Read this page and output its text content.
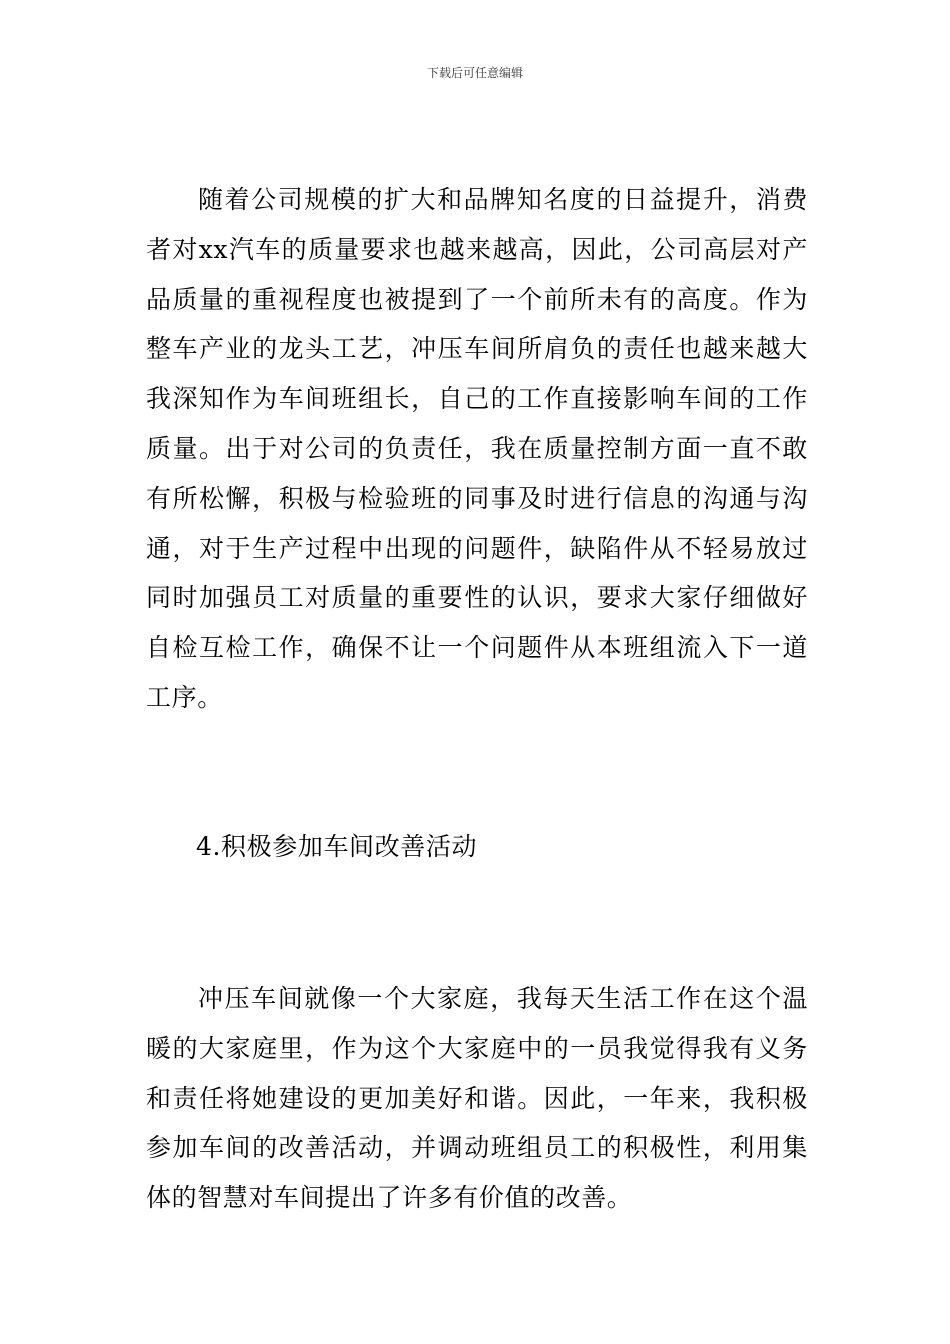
下载后可任意编辑

随着公司规模的扩大和品牌知名度的日益提升，消费者对xx汽车的质量要求也越来越高，因此，公司高层对产品质量的重视程度也被提到了一个前所未有的高度。作为整车产业的龙头工艺，冲压车间所肩负的责任也越来越大我深知作为车间班组长，自己的工作直接影响车间的工作质量。出于对公司的负责任，我在质量控制方面一直不敢有所松懈，积极与检验班的同事及时进行信息的沟通与沟通，对于生产过程中出现的问题件，缺陷件从不轻易放过同时加强员工对质量的重要性的认识，要求大家仔细做好自检互检工作，确保不让一个问题件从本班组流入下一道工序。

4.积极参加车间改善活动

冲压车间就像一个大家庭，我每天生活工作在这个温暖的大家庭里，作为这个大家庭中的一员我觉得我有义务和责任将她建设的更加美好和谐。因此，一年来，我积极参加车间的改善活动，并调动班组员工的积极性，利用集体的智慧对车间提出了许多有价值的改善。
